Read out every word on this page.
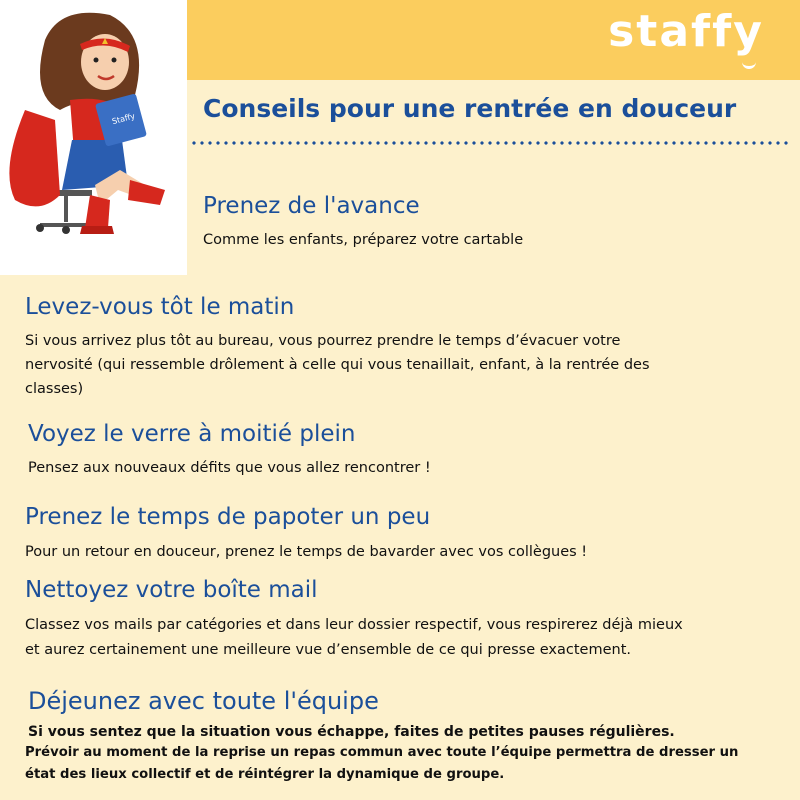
staffy
Staffy	Conseils pour une rentrée en douceur
Prenez de l'avance
Comme les enfants, préparez votre cartable
Levez-vous tôt le matin
Si vous arrivez plus tôt au bureau, vous pourrez prendre le temps d’évacuer votre
nervosité (qui ressemble drôlement à celle qui vous tenaillait, enfant, à la rentrée des
classes)
Voyez le verre à moitié plein
Pensez aux nouveaux défits que vous allez rencontrer !
Prenez le temps de papoter un peu
Pour un retour en douceur, prenez le temps de bavarder avec vos collègues !
Nettoyez votre boîte mail
Classez vos mails par catégories et dans leur dossier respectif, vous respirerez déjà mieux
et aurez certainement une meilleure vue d’ensemble de ce qui presse exactement.
Déjeunez avec toute l'équipe
Si vous sentez que la situation vous échappe, faites de petites pauses régulières.
Prévoir au moment de la reprise un repas commun avec toute l’équipe permettra de dresser un
état des lieux collectif et de réintégrer la dynamique de groupe.
